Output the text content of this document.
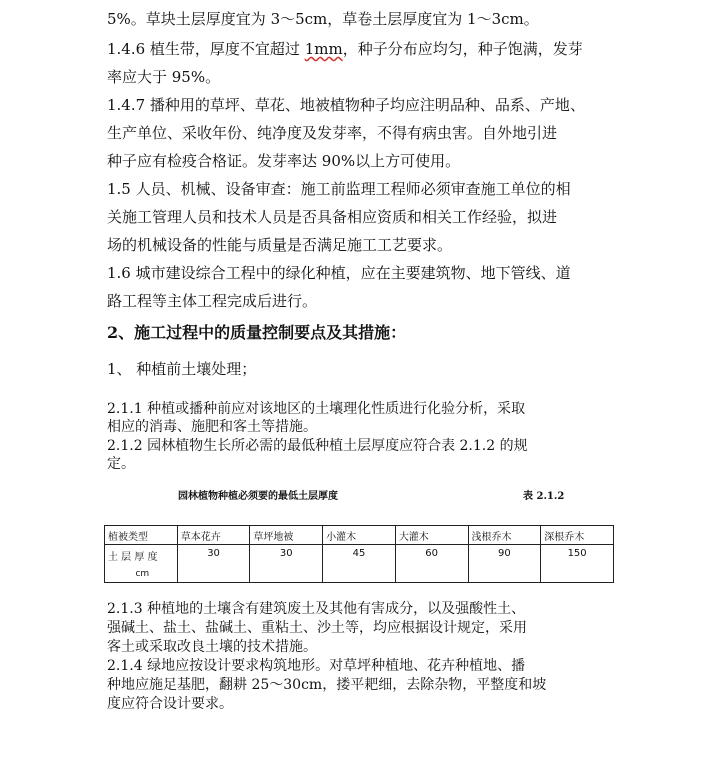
5%。草块土层厚度宜为 3～5cm，草卷土层厚度宜为 1～3cm。
1.4.6 植生带，厚度不宜超过 1mm，种子分布应均匀，种子饱满，发芽
率应大于 95%。
1.4.7 播种用的草坪、草花、地被植物种子均应注明品种、品系、产地、
生产单位、采收年份、纯净度及发芽率，不得有病虫害。自外地引进
种子应有检疫合格证。发芽率达 90%以上方可使用。
1.5 人员、机械、设备审查：施工前监理工程师必须审查施工单位的相
关施工管理人员和技术人员是否具备相应资质和相关工作经验，拟进
场的机械设备的性能与质量是否满足施工工艺要求。
1.6 城市建设综合工程中的绿化种植，应在主要建筑物、地下管线、道
路工程等主体工程完成后进行。
2、施工过程中的质量控制要点及其措施：
1、 种植前土壤处理；
2.1.1 种植或播种前应对该地区的土壤理化性质进行化验分析，采取
相应的消毒、施肥和客土等措施。
2.1.2 园林植物生长所必需的最低种植土层厚度应符合表 2.1.2 的规
定。
园林植物种植必须要的最低土层厚度	表 2.1.2
植被类型	草本花卉	草坪地被	小灌木	大灌木	浅根乔木	深根乔木
土 层 厚 度
cm	30	30	45	60	90	150
2.1.3 种植地的土壤含有建筑废土及其他有害成分，以及强酸性土、
强碱土、盐土、盐碱土、重粘土、沙土等，均应根据设计规定，采用
客土或采取改良土壤的技术措施。
2.1.4 绿地应按设计要求构筑地形。对草坪种植地、花卉种植地、播
种地应施足基肥，翻耕 25～30cm，搂平耙细，去除杂物，平整度和坡
度应符合设计要求。
